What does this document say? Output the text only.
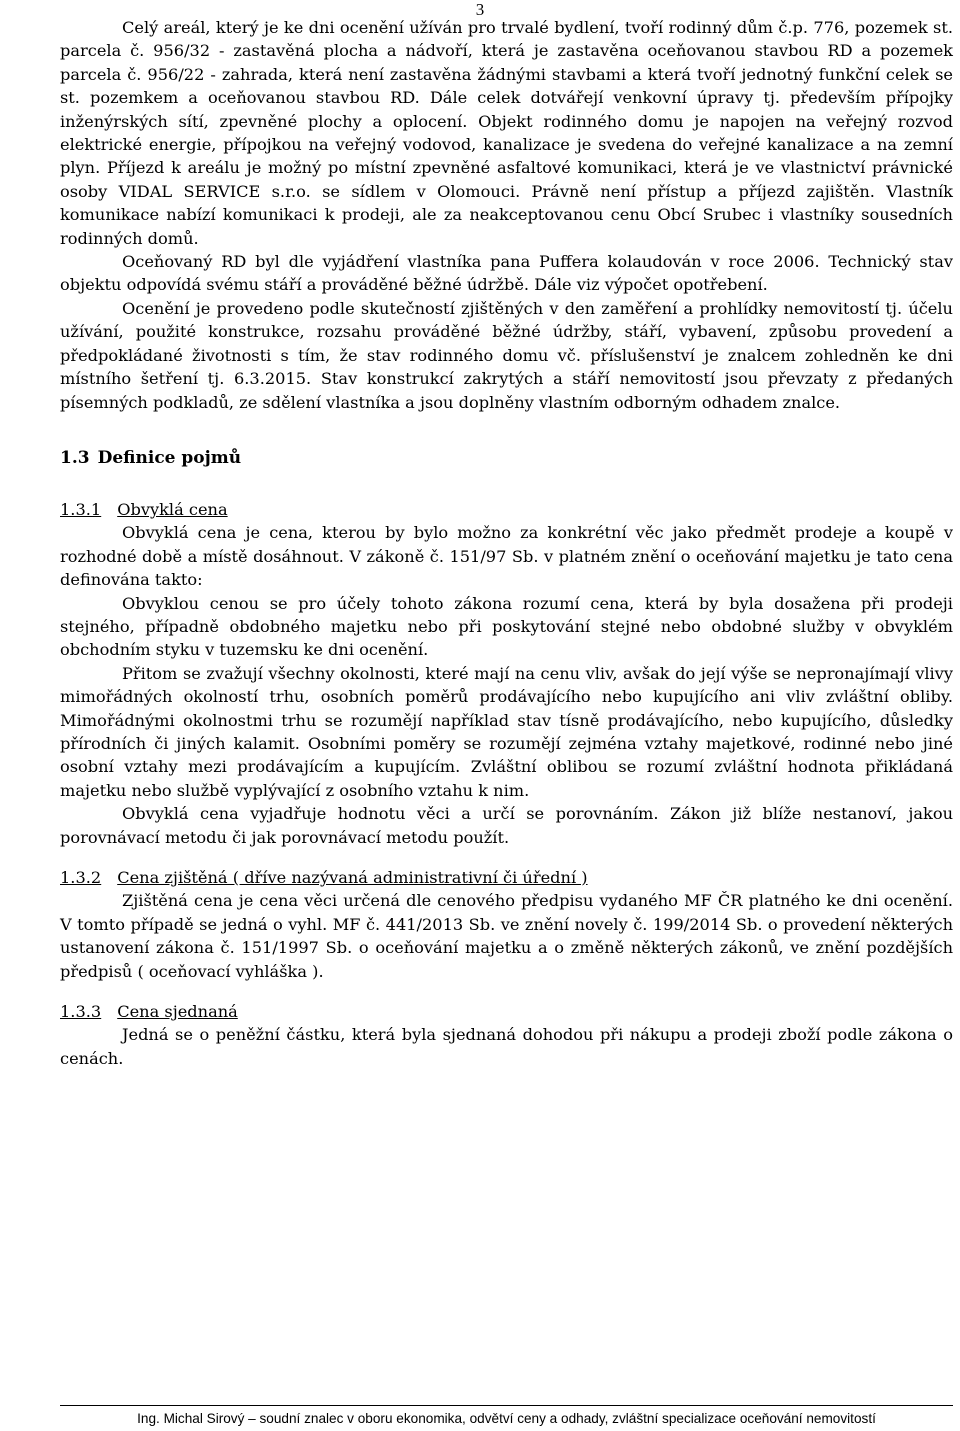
3

Celý areál, který je ke dni ocenění užíván pro trvalé bydlení, tvoří rodinný dům č.p. 776, pozemek st. parcela č. 956/32 - zastavěná plocha a nádvoří, která je zastavěna oceňovanou stavbou RD a pozemek parcela č. 956/22 - zahrada, která není zastavěna žádnými stavbami a která tvoří jednotný funkční celek se st. pozemkem a oceňovanou stavbou RD. Dále celek dotvářejí venkovní úpravy tj. především přípojky inženýrských sítí, zpevněné plochy a oplocení. Objekt rodinného domu je napojen na veřejný rozvod elektrické energie, přípojkou na veřejný vodovod, kanalizace je svedena do veřejné kanalizace a na zemní plyn. Příjezd k areálu je možný po místní zpevněné asfaltové komunikaci, která je ve vlastnictví právnické osoby VIDAL SERVICE s.r.o. se sídlem v Olomouci. Právně není přístup a příjezd zajištěn. Vlastník komunikace nabízí komunikaci k prodeji, ale za neakceptovanou cenu Obcí Srubec i vlastníky sousedních rodinných domů.

Oceňovaný RD byl dle vyjádření vlastníka pana Puffera kolaudován v roce 2006. Technický stav objektu odpovídá svému stáří a prováděné běžné údržbě. Dále viz výpočet opotřebení.

Ocenění je provedeno podle skutečností zjištěných v den zaměření a prohlídky nemovitostí tj. účelu užívání, použité konstrukce, rozsahu prováděné běžné údržby, stáří, vybavení, způsobu provedení a předpokládané životnosti s tím, že stav rodinného domu vč. příslušenství je znalcem zohledněn ke dni místního šetření tj. 6.3.2015. Stav konstrukcí zakrytých a stáří nemovitostí jsou převzaty z předaných písemných podkladů, ze sdělení vlastníka a jsou doplněny vlastním odborným odhadem znalce.

1.3 Definice pojmů
1.3.1 Obvyklá cena

Obvyklá cena je cena, kterou by bylo možno za konkrétní věc jako předmět prodeje a koupě v rozhodné době a místě dosáhnout. V zákoně č. 151/97 Sb. v platném znění o oceňování majetku je tato cena definována takto:

Obvyklou cenou se pro účely tohoto zákona rozumí cena, která by byla dosažena při prodeji stejného, případně obdobného majetku nebo při poskytování stejné nebo obdobné služby v obvyklém obchodním styku v tuzemsku ke dni ocenění.

Přitom se zvažují všechny okolnosti, které mají na cenu vliv, avšak do její výše se nepronajímají vlivy mimořádných okolností trhu, osobních poměrů prodávajícího nebo kupujícího ani vliv zvláštní obliby. Mimořádnými okolnostmi trhu se rozumějí například stav tísně prodávajícího, nebo kupujícího, důsledky přírodních či jiných kalamit. Osobními poměry se rozumějí zejména vztahy majetkové, rodinné nebo jiné osobní vztahy mezi prodávajícím a kupujícím. Zvláštní oblibou se rozumí zvláštní hodnota přikládaná majetku nebo službě vyplývající z osobního vztahu k nim.

Obvyklá cena vyjadřuje hodnotu věci a určí se porovnáním. Zákon již blíže nestanoví, jakou porovnávací metodu či jak porovnávací metodu použít.

1.3.2 Cena zjištěná ( dříve nazývaná administrativní či úřední )

Zjištěná cena je cena věci určená dle cenového předpisu vydaného MF ČR platného ke dni ocenění. V tomto případě se jedná o vyhl. MF č. 441/2013 Sb. ve znění novely č. 199/2014 Sb. o provedení některých ustanovení zákona č. 151/1997 Sb. o oceňování majetku a o změně některých zákonů, ve znění pozdějších předpisů ( oceňovací vyhláška ).

1.3.3 Cena sjednaná

Jedná se o peněžní částku, která byla sjednaná dohodou při nákupu a prodeji zboží podle zákona o cenách.

Ing. Michal Sirový – soudní znalec v oboru ekonomika, odvětví ceny a odhady, zvláštní specializace oceňování nemovitostí
